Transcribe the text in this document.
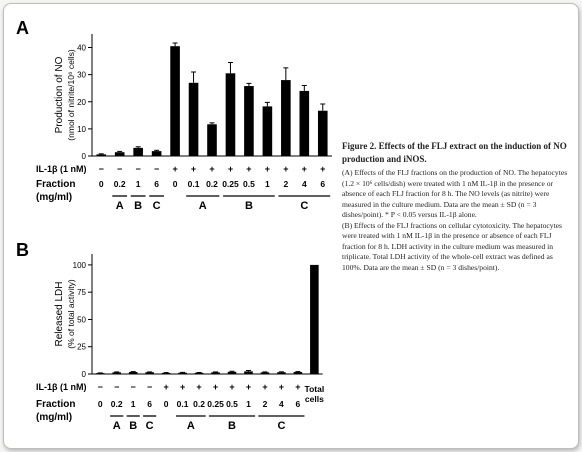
A
B
0
10
20
30
40
Production of NO (nmol of nitrite/10⁶ cells)
IL-1β (1 nM)
Fraction
(mg/ml)
− − − − + + + + + + + + +
0 0.2 1 6 0 0.1 0.2 0.25 0.5 1 2 4 6
A B C	A	B	C
0
25
50
75
100
Released LDH (% of total activity)
IL-1β (1 nM)
Fraction
(mg/ml)
− − − − + + + + + + + + +
0 0.2 1 6 0 0.1 0.2 0.25 0.5 1 2 4 6
A B C	A	B	C
Total
cells

Figure 2. Effects of the FLJ extract on the induction of NO production and iNOS.

(A) Effects of the FLJ fractions on the production of NO. The hepatocytes (1.2 × 10⁶ cells/dish) were treated with 1 nM IL-1β in the presence or absence of each FLJ fraction for 8 h. The NO levels (as nitrite) were measured in the culture medium. Data are the mean ± SD (n = 3 dishes/point). * P < 0.05 versus IL-1β alone.

(B) Effects of the FLJ fractions on cellular cytotoxicity. The hepatocytes were treated with 1 nM IL-1β in the presence or absence of each FLJ fraction for 8 h. LDH activity in the culture medium was measured in triplicate. Total LDH activity of the whole-cell extract was defined as 100%. Data are the mean ± SD (n = 3 dishes/point).
